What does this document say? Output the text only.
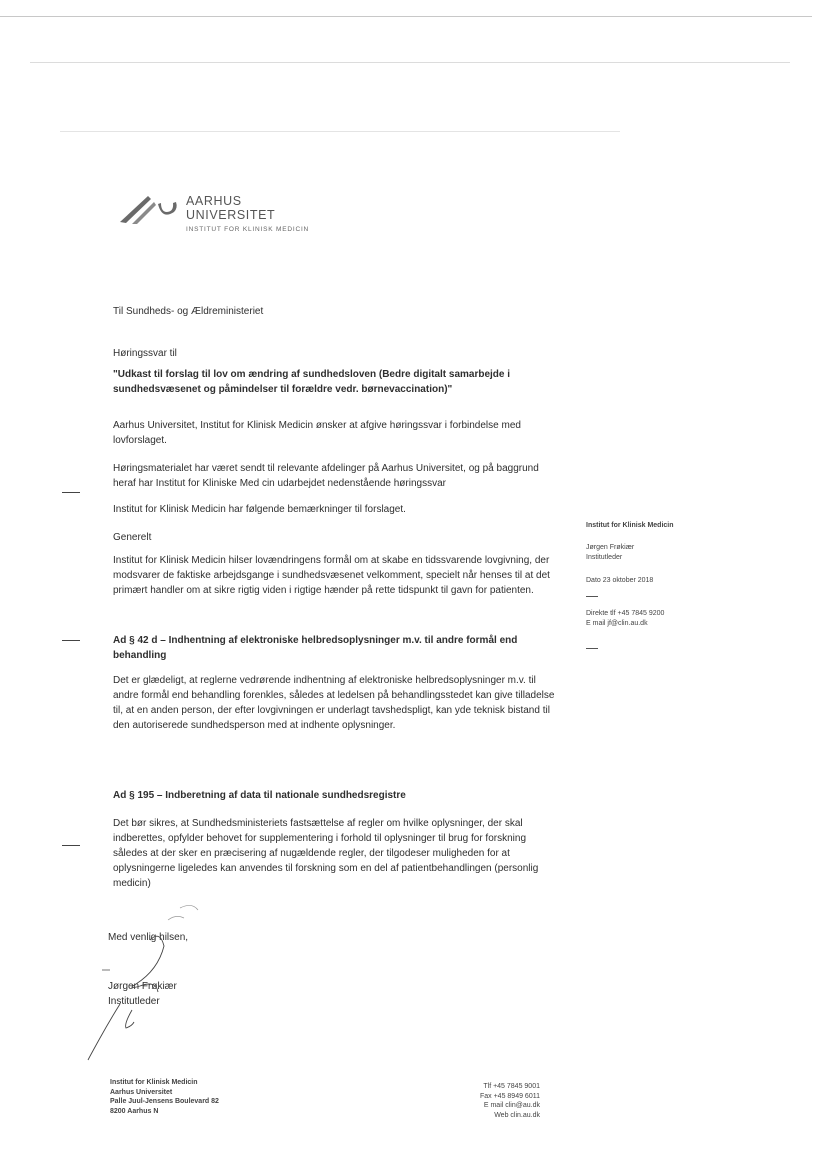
AARHUS
UNIVERSITET
INSTITUT FOR KLINISK MEDICIN

Til Sundheds- og Ældreministeriet

Høringssvar til

"Udkast til forslag til lov om ændring af sundhedsloven (Bedre digitalt samarbejde i sundhedsvæsenet og påmindelser til forældre vedr. børnevaccination)"

Aarhus Universitet, Institut for Klinisk Medicin ønsker at afgive høringssvar i forbindelse med lovforslaget.

Høringsmaterialet har været sendt til relevante afdelinger på Aarhus Universitet, og på baggrund heraf har Institut for Kliniske Med cin udarbejdet nedenstående høringssvar

Institut for Klinisk Medicin har følgende bemærkninger til forslaget.

Generelt

Institut for Klinisk Medicin hilser lovændringens formål om at skabe en tidssvarende lovgivning, der modsvarer de faktiske arbejdsgange i sundhedsvæsenet velkomment, specielt når henses til at det primært handler om at sikre rigtig viden i rigtige hænder på rette tidspunkt til gavn for patienten.

Ad § 42 d – Indhentning af elektroniske helbredsoplysninger m.v. til andre formål end behandling

Det er glædeligt, at reglerne vedrørende indhentning af elektroniske helbredsoplysninger m.v. til andre formål end behandling forenkles, således at ledelsen på behandlingsstedet kan give tilladelse til, at en anden person, der efter lovgivningen er underlagt tavshedspligt, kan yde teknisk bistand til den autoriserede sundhedsperson med at indhente oplysninger.

Ad § 195 – Indberetning af data til nationale sundhedsregistre

Det bør sikres, at Sundhedsministeriets fastsættelse af regler om hvilke oplysninger, der skal indberettes, opfylder behovet for supplementering i forhold til oplysninger til brug for forskning således at der sker en præcisering af nugældende regler, der tilgodeser muligheden for at oplysningerne ligeledes kan anvendes til forskning som en del af patientbehandlingen (personlig medicin)

Med venlig hilsen,

Jørgen Frøkiær

Institutleder

Institut for Klinisk Medicin
Jørgen Frøkiær
Institutleder
Dato 23 oktober 2018
Direkte tlf +45 7845 9200
E mail jf@clin.au.dk
Institut for Klinisk Medicin
Aarhus Universitet
Palle Juul-Jensens Boulevard 82
8200 Aarhus N
Tlf +45 7845 9001
Fax +45 8949 6011
E mail clin@au.dk
Web clin.au.dk
